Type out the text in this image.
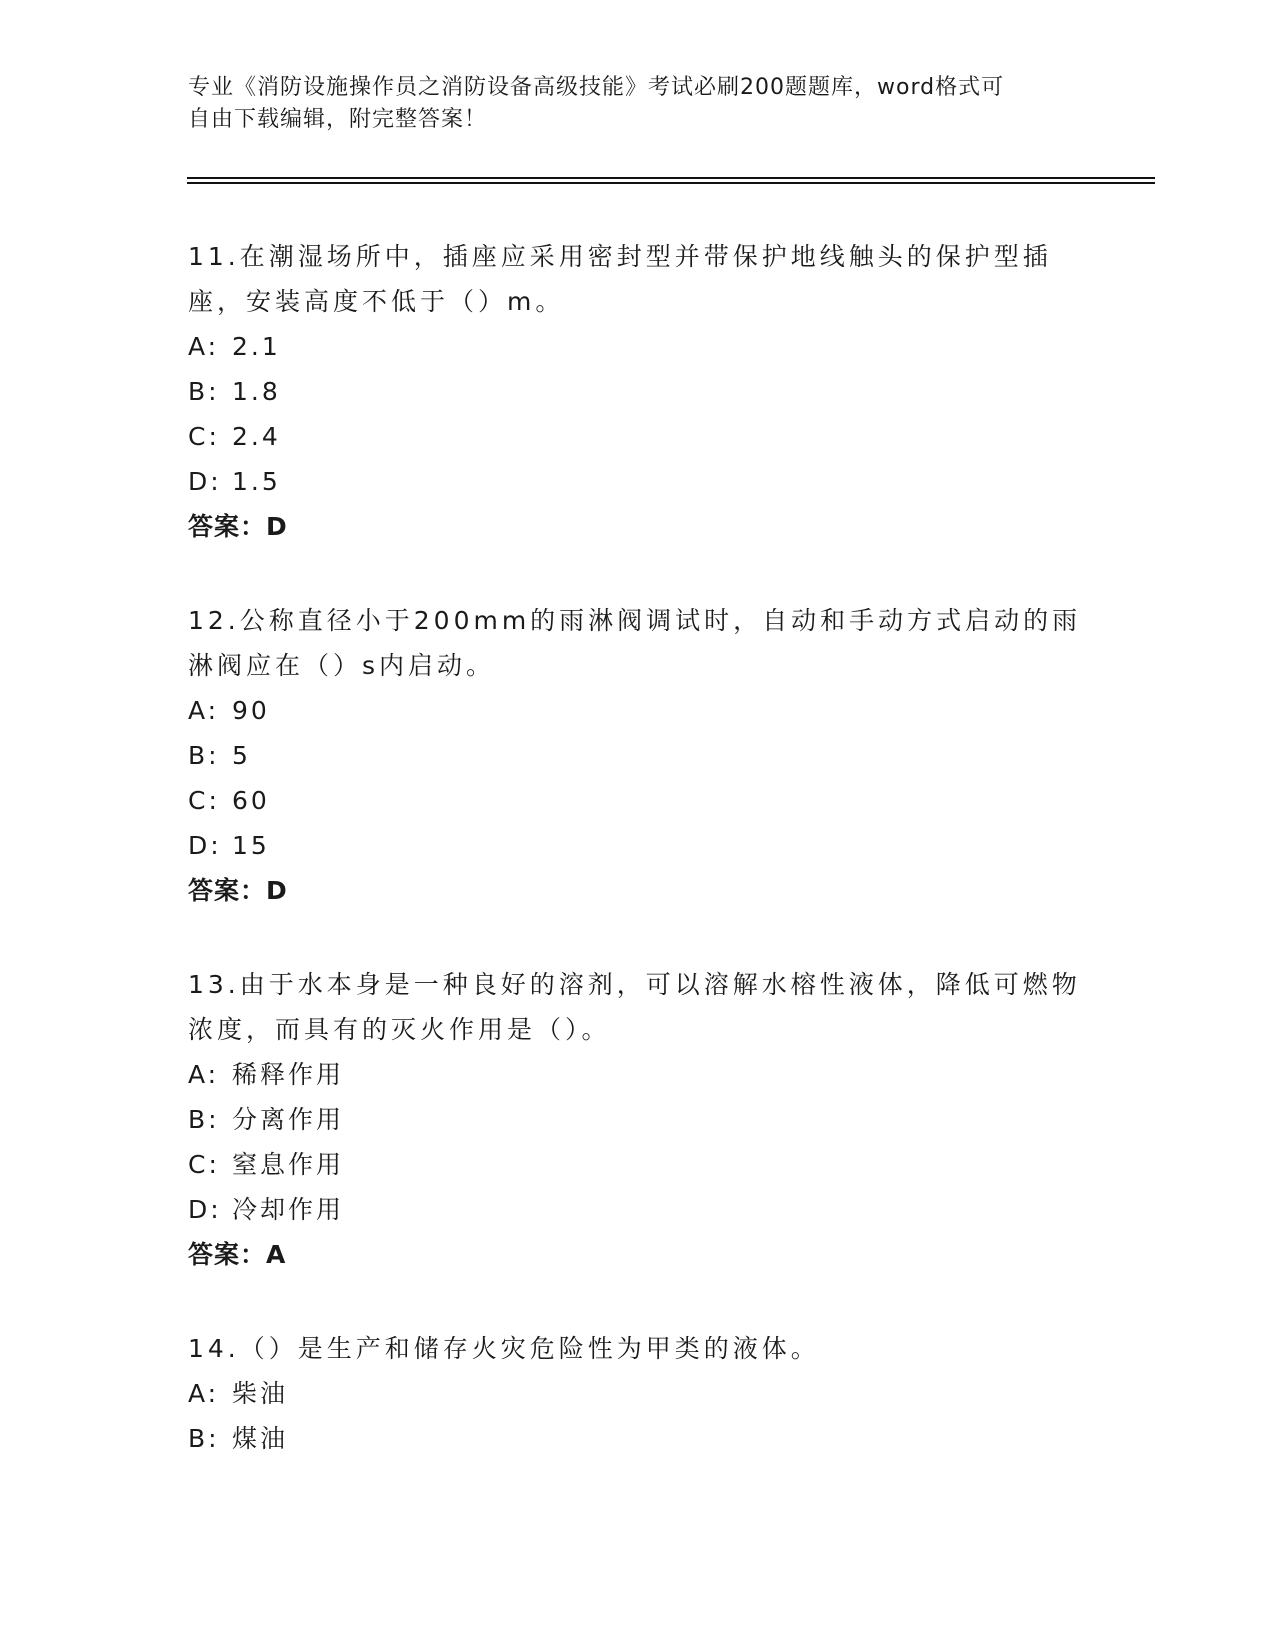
专业《消防设施操作员之消防设备高级技能》考试必刷200题题库，word格式可
自由下载编辑，附完整答案！

11.在潮湿场所中，插座应采用密封型并带保护地线触头的保护型插座，安装高度不低于（）m。

A: 2.1
B: 1.8
C: 2.4
D: 1.5
答案：D

12.公称直径小于200mm的雨淋阀调试时，自动和手动方式启动的雨淋阀应在（）s内启动。

A: 90
B: 5
C: 60
D: 15
答案：D

13.由于水本身是一种良好的溶剂，可以溶解水榕性液体，降低可燃物浓度，而具有的灭火作用是（）。

A: 稀释作用
B: 分离作用
C: 窒息作用
D: 冷却作用
答案：A

14.（）是生产和储存火灾危险性为甲类的液体。

A: 柴油
B: 煤油
